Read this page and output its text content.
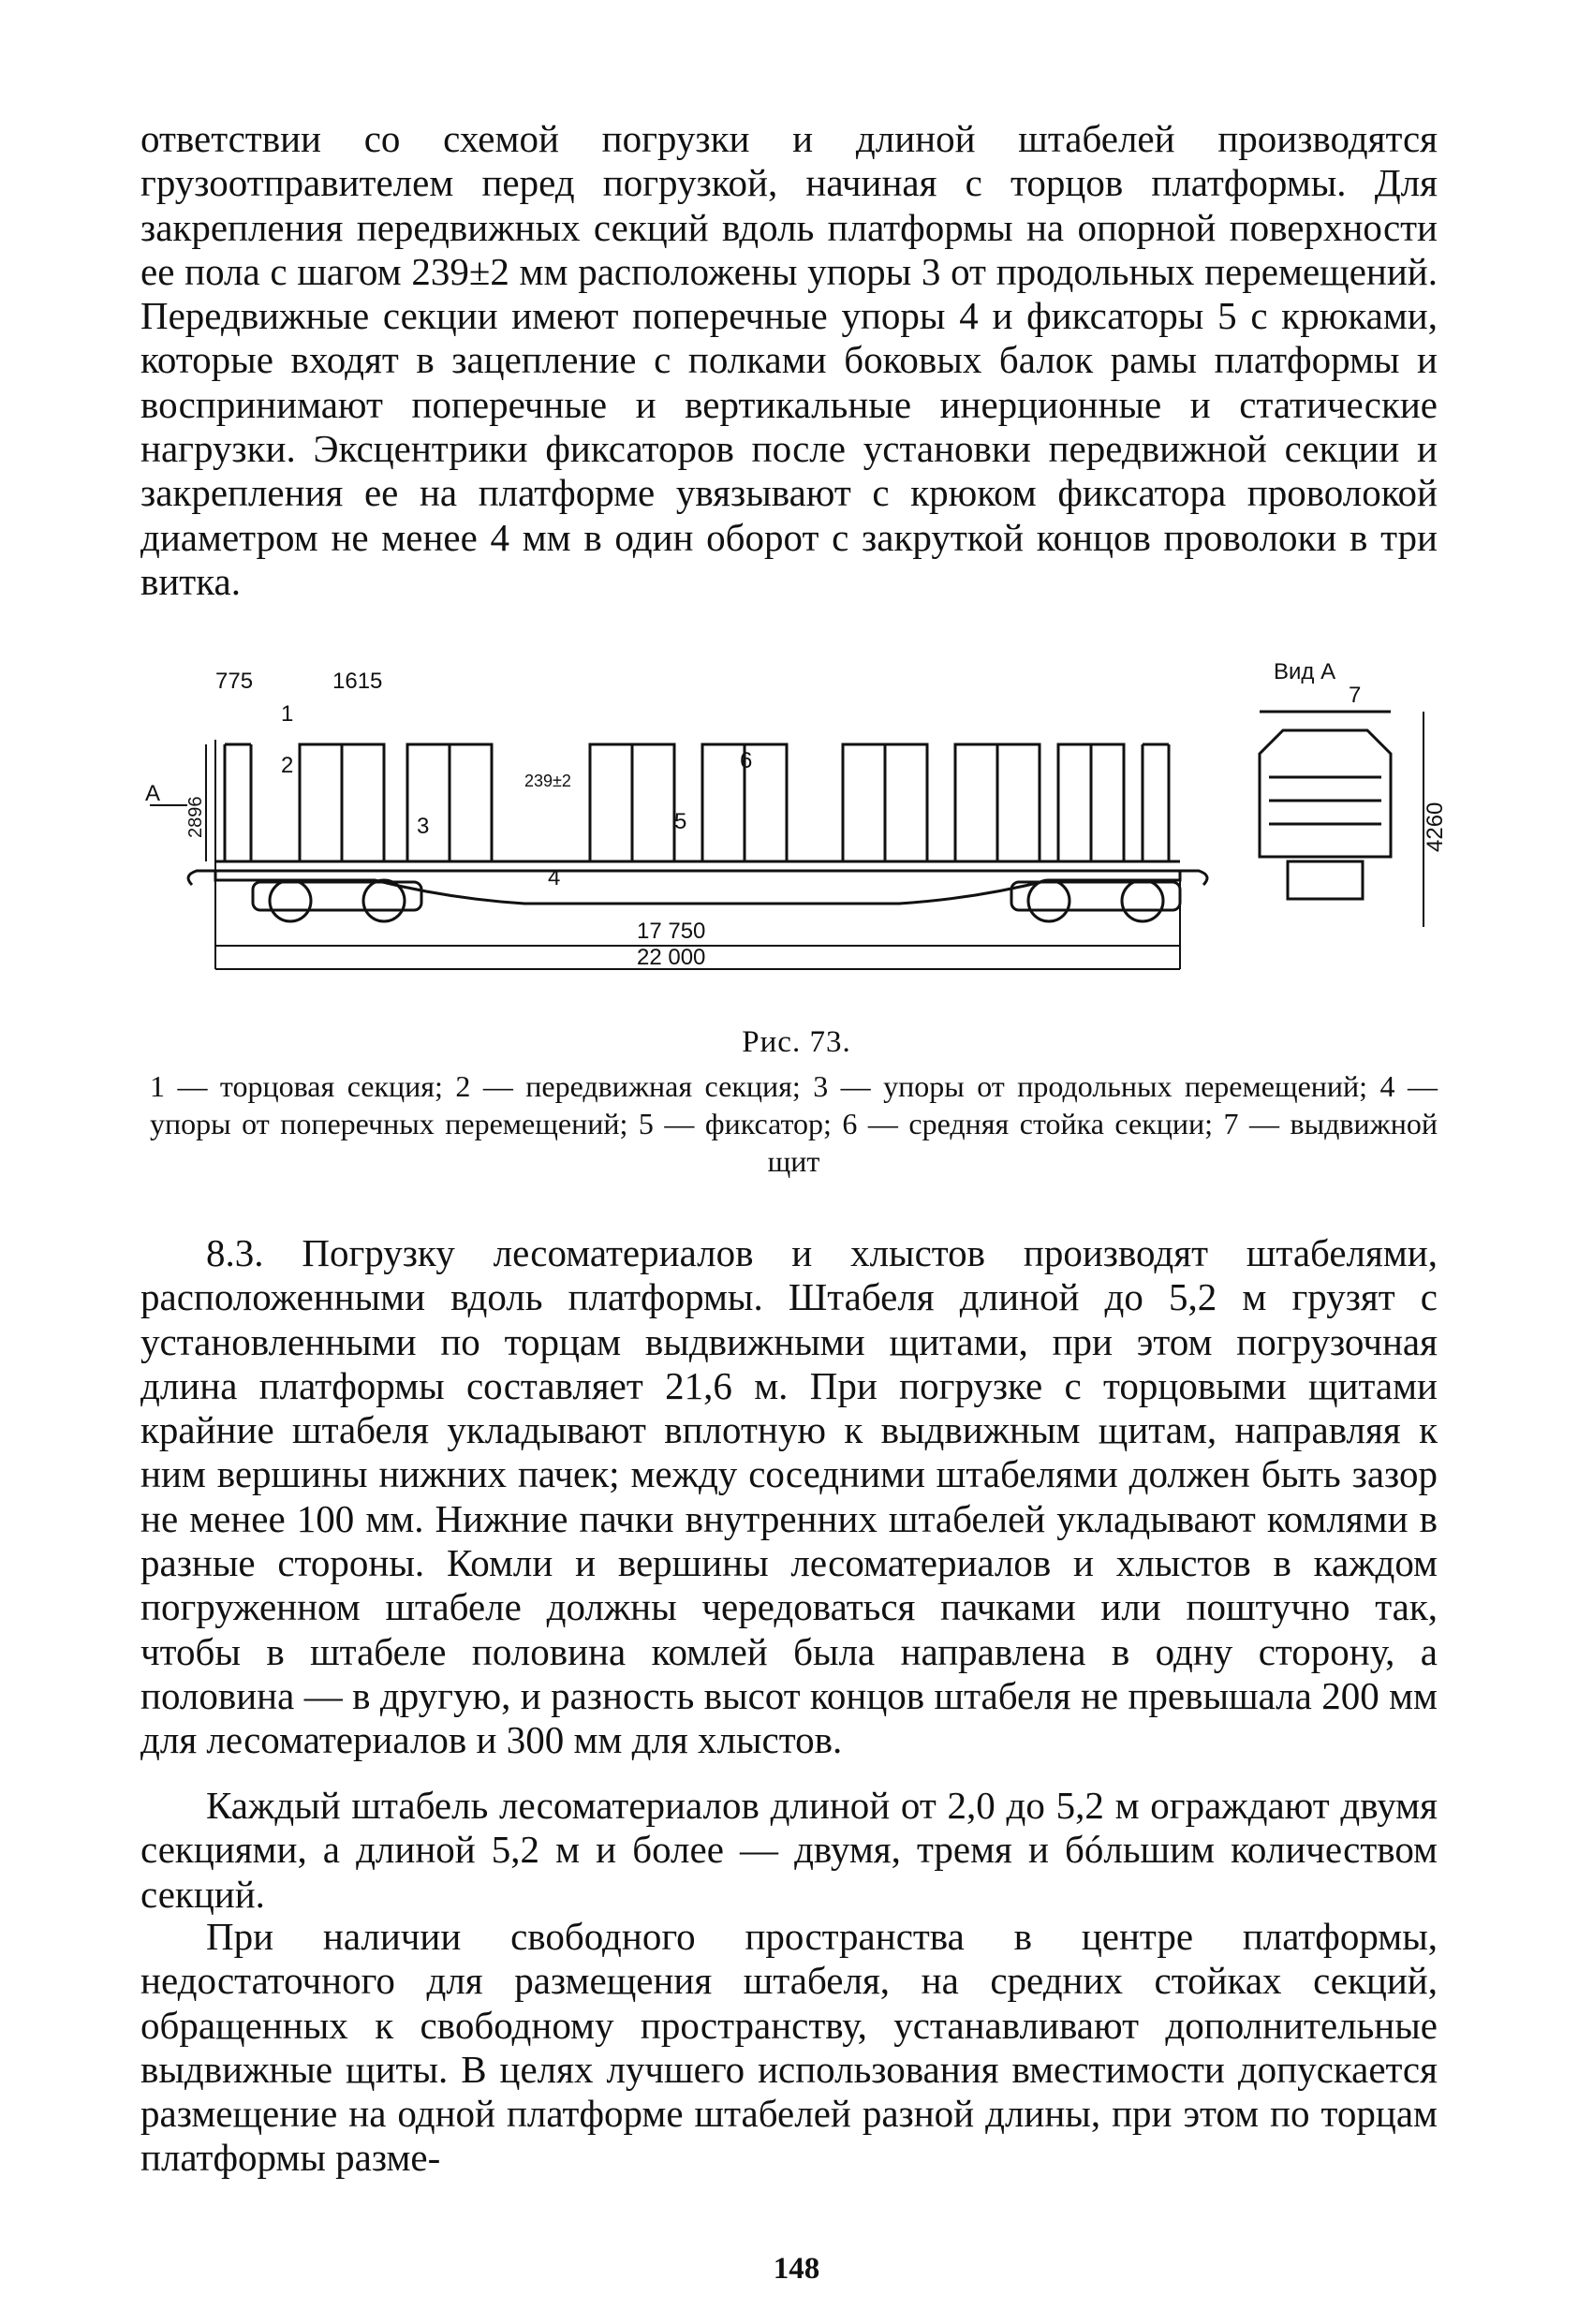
ответствии со схемой погрузки и длиной штабелей производятся грузоотправителем перед погрузкой, начиная с торцов платформы. Для закрепления передвижных секций вдоль платформы на опорной поверхности ее пола с шагом 239±2 мм расположены упоры 3 от продольных перемещений. Передвижные секции имеют поперечные упоры 4 и фиксаторы 5 с крюками, которые входят в зацепление с полками боковых балок рамы платформы и воспринимают поперечные и вертикальные инерционные и статические нагрузки. Эксцентрики фиксаторов после установки передвижной секции и закрепления ее на платформе увязывают с крюком фиксатора проволокой диаметром не менее 4 мм в один оборот с закруткой концов проволоки в три витка.

775	1615
239±2
17 750
22 000
Вид А
А
4260
2896
1
2
3
4
5
6
7
Рис. 73.
1 — торцовая секция; 2 — передвижная секция; 3 — упоры от продольных перемещений; 4 — упоры от поперечных перемещений; 5 — фиксатор; 6 — средняя стойка секции; 7 — выдвижной щит

8.3. Погрузку лесоматериалов и хлыстов производят штабелями, расположенными вдоль платформы. Штабеля длиной до 5,2 м грузят с установленными по торцам выдвижными щитами, при этом погрузочная длина платформы составляет 21,6 м. При погрузке с торцовыми щитами крайние штабеля укладывают вплотную к выдвижным щитам, направляя к ним вершины нижних пачек; между соседними штабелями должен быть зазор не менее 100 мм. Нижние пачки внутренних штабелей укладывают комлями в разные стороны. Комли и вершины лесоматериалов и хлыстов в каждом погруженном штабеле должны чередоваться пачками или поштучно так, чтобы в штабеле половина комлей была направлена в одну сторону, а половина — в другую, и разность высот концов штабеля не превышала 200 мм для лесоматериалов и 300 мм для хлыстов.

Каждый штабель лесоматериалов длиной от 2,0 до 5,2 м ограждают двумя секциями, а длиной 5,2 м и более — двумя, тремя и бóльшим количеством секций.

При наличии свободного пространства в центре платформы, недостаточного для размещения штабеля, на средних стойках секций, обращенных к свободному пространству, устанавливают дополнительные выдвижные щиты. В целях лучшего использования вместимости допускается размещение на одной платформе штабелей разной длины, при этом по торцам платформы разме-

148
